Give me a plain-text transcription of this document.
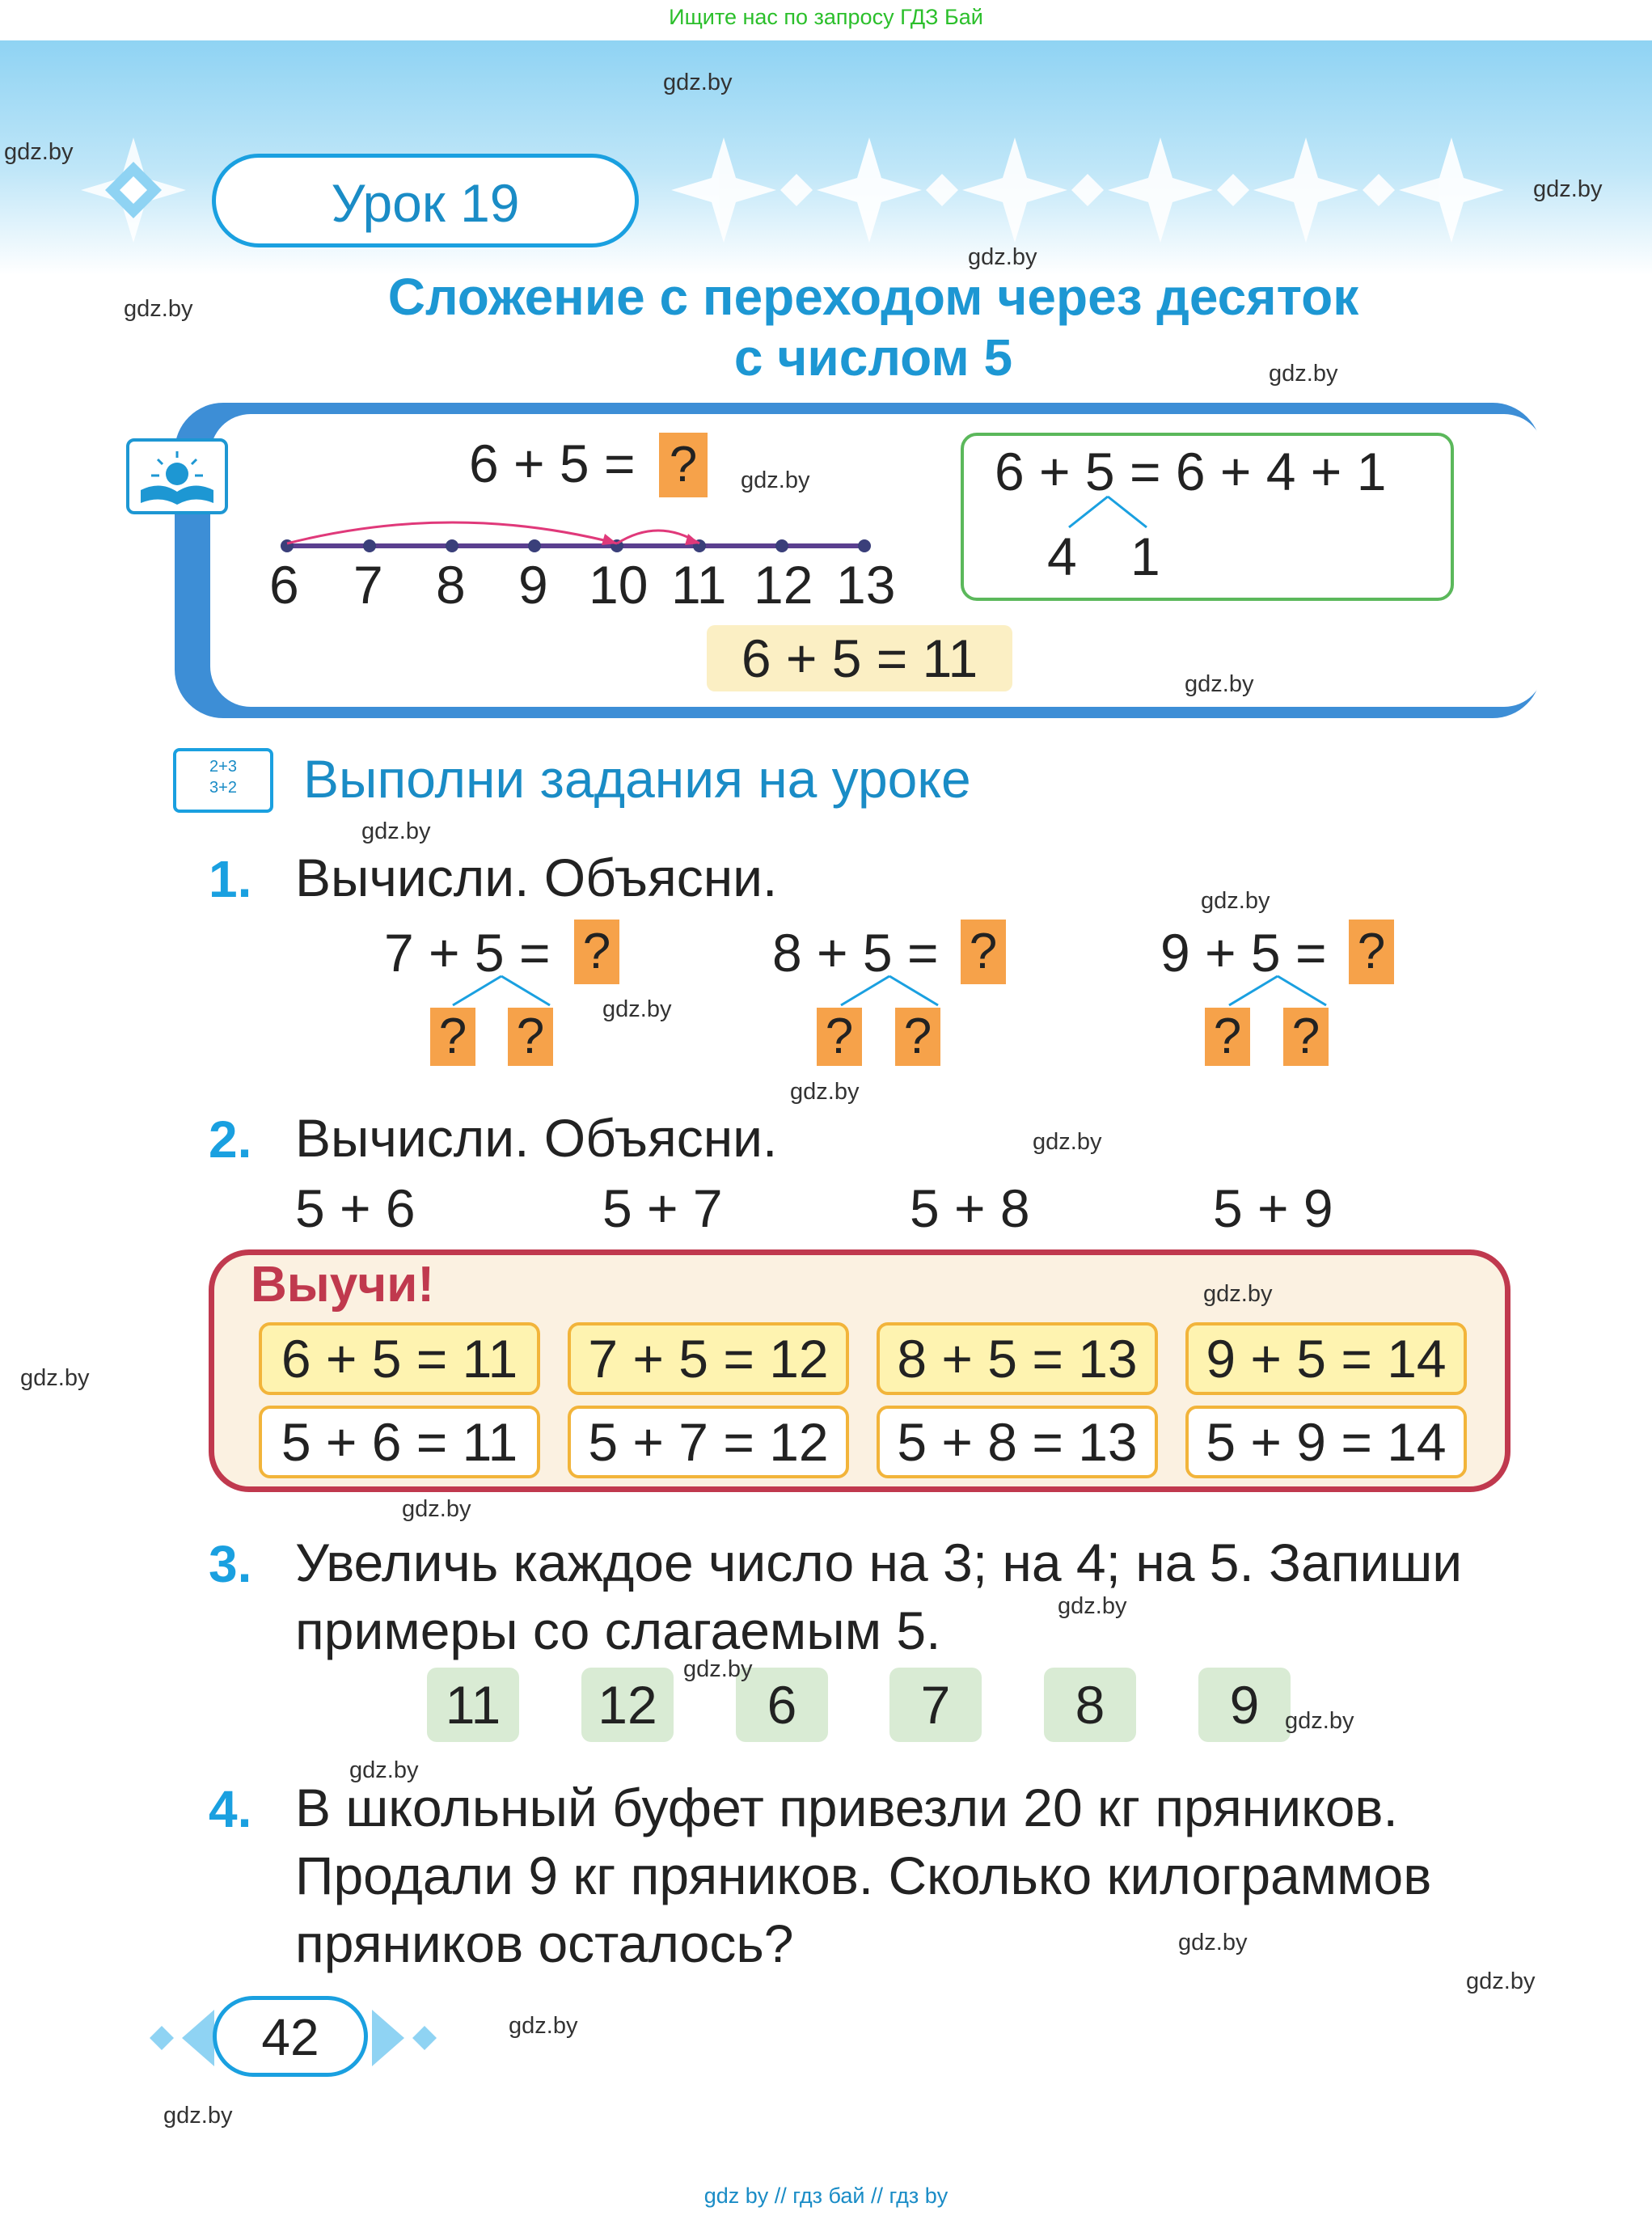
Ищите нас по запросу ГДЗ Бай
Урок 19
Сложение с переходом через десяток
с числом 5
6 + 5 = ?
6 7 8 9 10 11 12 13
6 + 5 = 6 + 4 + 1
4 1
6 + 5 = 11
2+3
3+2	Выполни задания на уроке
1. Вычисли. Объясни.
7 + 5 = ?
? ?
8 + 5 = ?
? ?
9 + 5 = ?
? ?
2. Вычисли. Объясни.
5 + 6	5 + 7	5 + 8	5 + 9
Выучи!
6 + 5 = 11	7 + 5 = 12	8 + 5 = 13	9 + 5 = 14
5 + 6 = 11	5 + 7 = 12	5 + 8 = 13	5 + 9 = 14
3. Увеличь каждое число на 3; на 4; на 5. Запиши
примеры со слагаемым 5.
11	12	6	7	8	9
4. В школьный буфет привезли 20 кг пряников.
Продали 9 кг пряников. Сколько килограммов
пряников осталось?
42
gdz.by
gdz.by
gdz.by
gdz.by
gdz.by
gdz.by
gdz.by
gdz.by
gdz.by
gdz.by
gdz.by
gdz.by
gdz.by
gdz.by
gdz.by
gdz.by
gdz.by
gdz.by
gdz.by
gdz.by
gdz.by
gdz.by
gdz.by
gdz.by
gdz by // гдз бай // гдз by
